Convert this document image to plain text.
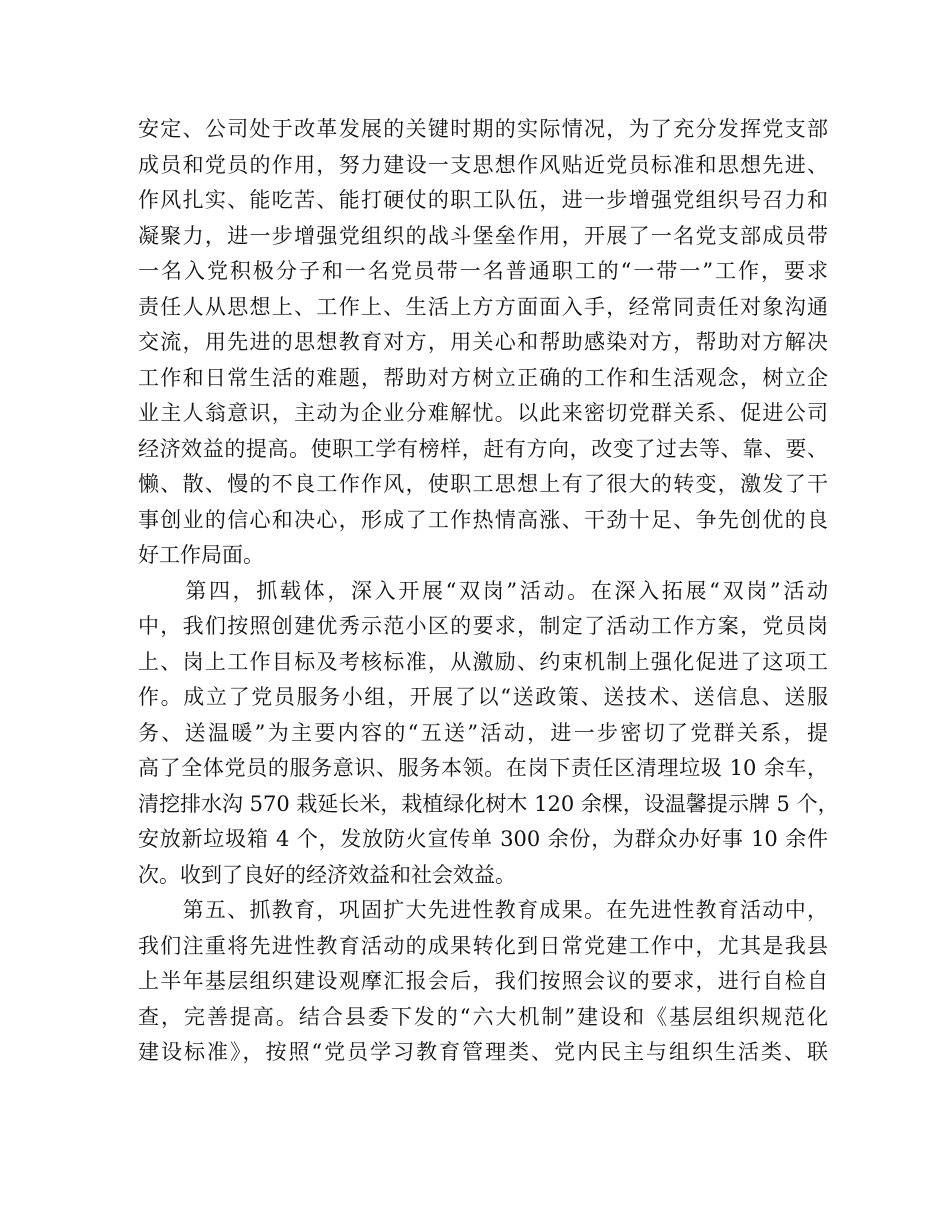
安定、公司处于改革发展的关键时期的实际情况，为了充分发挥党支部
成员和党员的作用，努力建设一支思想作风贴近党员标准和思想先进、
作风扎实、能吃苦、能打硬仗的职工队伍，进一步增强党组织号召力和
凝聚力，进一步增强党组织的战斗堡垒作用，开展了一名党支部成员带
一名入党积极分子和一名党员带一名普通职工的“一带一”工作，要求
责任人从思想上、工作上、生活上方方面面入手，经常同责任对象沟通
交流，用先进的思想教育对方，用关心和帮助感染对方，帮助对方解决
工作和日常生活的难题，帮助对方树立正确的工作和生活观念，树立企
业主人翁意识，主动为企业分难解忧。以此来密切党群关系、促进公司
经济效益的提高。使职工学有榜样，赶有方向，改变了过去等、靠、要、
懒、散、慢的不良工作作风，使职工思想上有了很大的转变，激发了干
事创业的信心和决心，形成了工作热情高涨、干劲十足、争先创优的良
好工作局面。
　　第四，抓载体，深入开展“双岗”活动。在深入拓展“双岗”活动
中，我们按照创建优秀示范小区的要求，制定了活动工作方案，党员岗
上、岗上工作目标及考核标准，从激励、约束机制上强化促进了这项工
作。成立了党员服务小组，开展了以“送政策、送技术、送信息、送服
务、送温暖”为主要内容的“五送”活动，进一步密切了党群关系，提
高了全体党员的服务意识、服务本领。在岗下责任区清理垃圾 10 余车，
清挖排水沟 570 栽延长米，栽植绿化树木 120 余棵，设温馨提示牌 5 个，
安放新垃圾箱 4 个，发放防火宣传单 300 余份，为群众办好事 10 余件
次。收到了良好的经济效益和社会效益。
　　第五、抓教育，巩固扩大先进性教育成果。在先进性教育活动中，
我们注重将先进性教育活动的成果转化到日常党建工作中，尤其是我县
上半年基层组织建设观摩汇报会后，我们按照会议的要求，进行自检自
查，完善提高。结合县委下发的“六大机制”建设和《基层组织规范化
建设标准》，按照“党员学习教育管理类、党内民主与组织生活类、联
